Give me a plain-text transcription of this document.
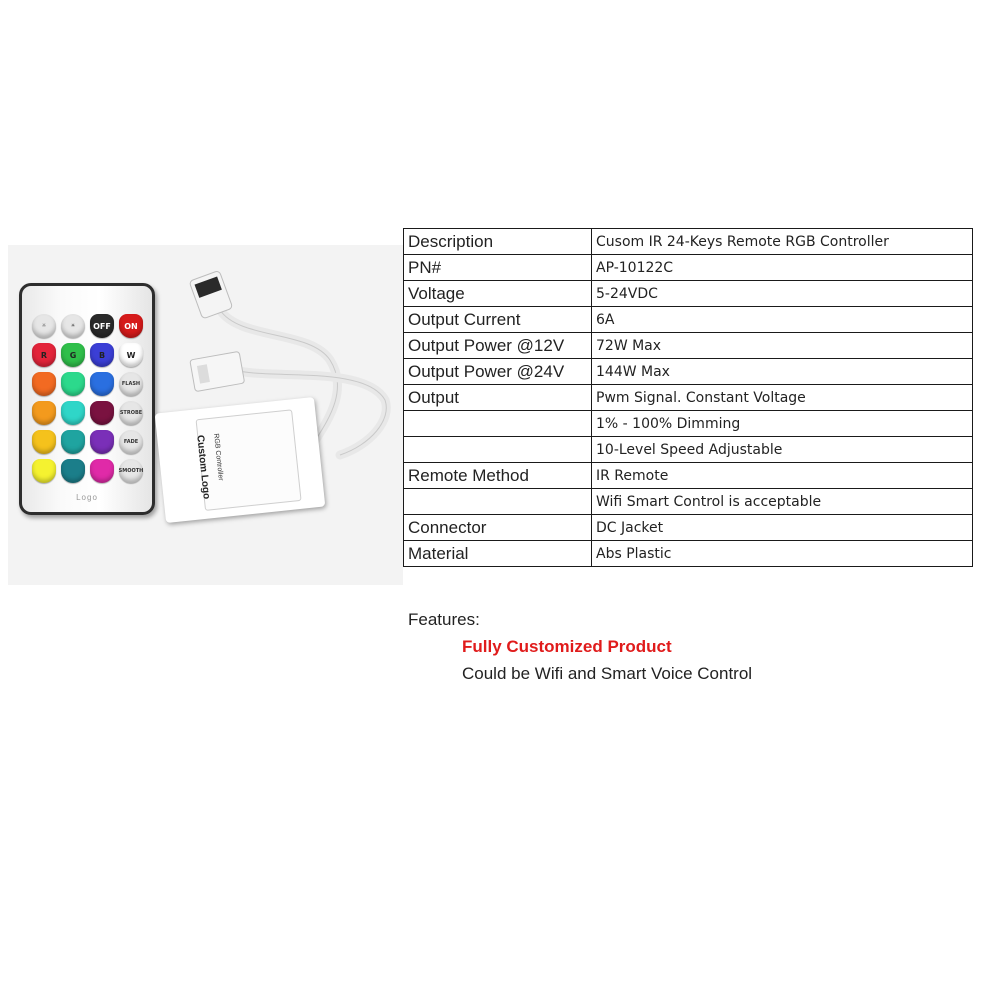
☼	☀	OFF	ON
R	G	B	W
FLASH
STROBE
FADE
SMOOTH
Logo	Custom Logo RGB Controller
Description	Cusom IR 24-Keys Remote RGB Controller
PN#	AP-10122C
Voltage	5-24VDC
Output Current	6A
Output Power @12V	72W Max
Output Power @24V	144W Max
Output	Pwm Signal. Constant Voltage
	1% - 100% Dimming
	10-Level Speed Adjustable
Remote Method	IR Remote
	Wifi Smart Control is acceptable
Connector	DC Jacket
Material	Abs Plastic
Features:
Fully Customized Product
Could be Wifi and Smart Voice Control
